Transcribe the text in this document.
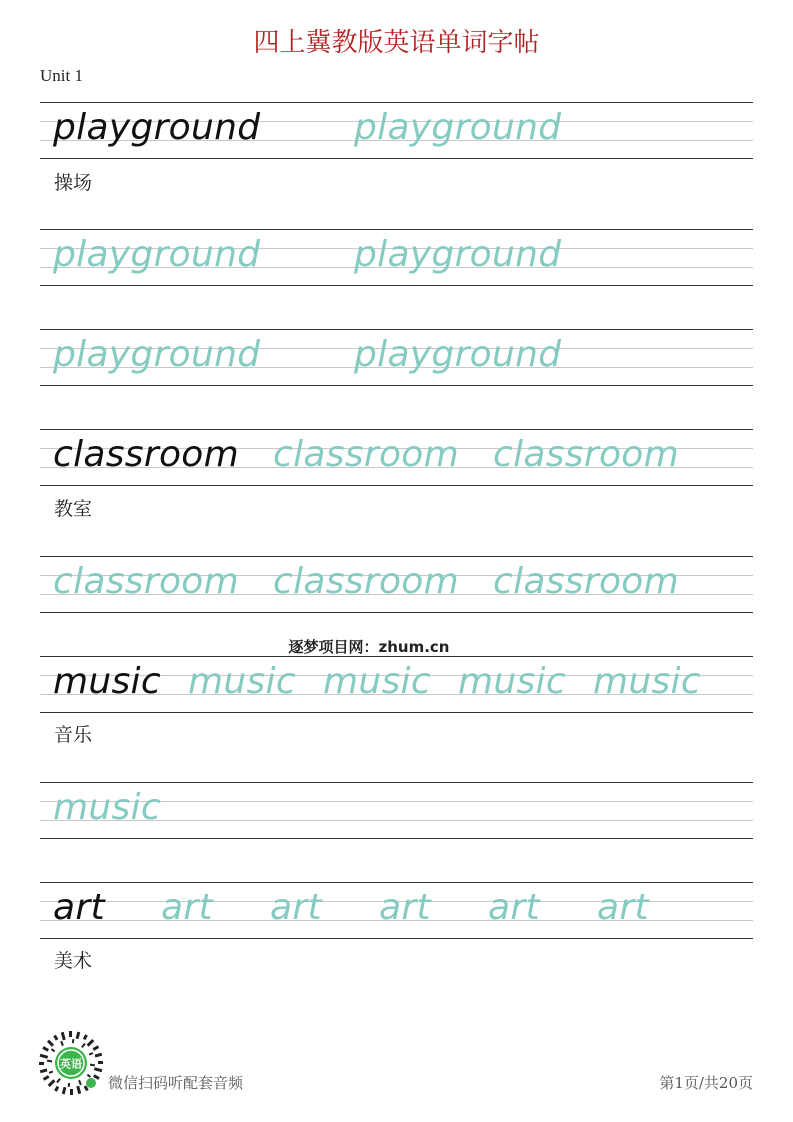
四上冀教版英语单词字帖
Unit 1
playground	playground
操场
playground	playground
playground	playground
classroom classroom classroom
教室
classroom classroom classroom
逐梦项目网：zhum.cn
music music music music music
音乐
music
art art art art art art
美术
英语
微信扫码听配套音频	第1页/共20页
